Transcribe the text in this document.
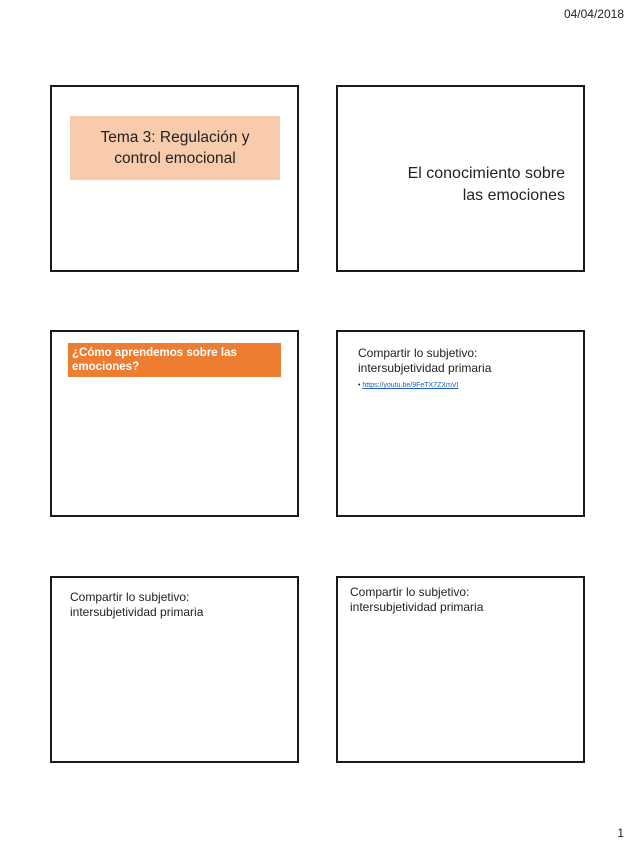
04/04/2018
Tema 3: Regulación y
control emocional
El conocimiento sobre
las emociones
¿Cómo aprendemos sobre las
emociones?
Compartir lo subjetivo:
intersubjetividad primaria
• https://youtu.be/9FeTX7ZXmVI
Compartir lo subjetivo:
intersubjetividad primaria
Compartir lo subjetivo:
intersubjetividad primaria
1
